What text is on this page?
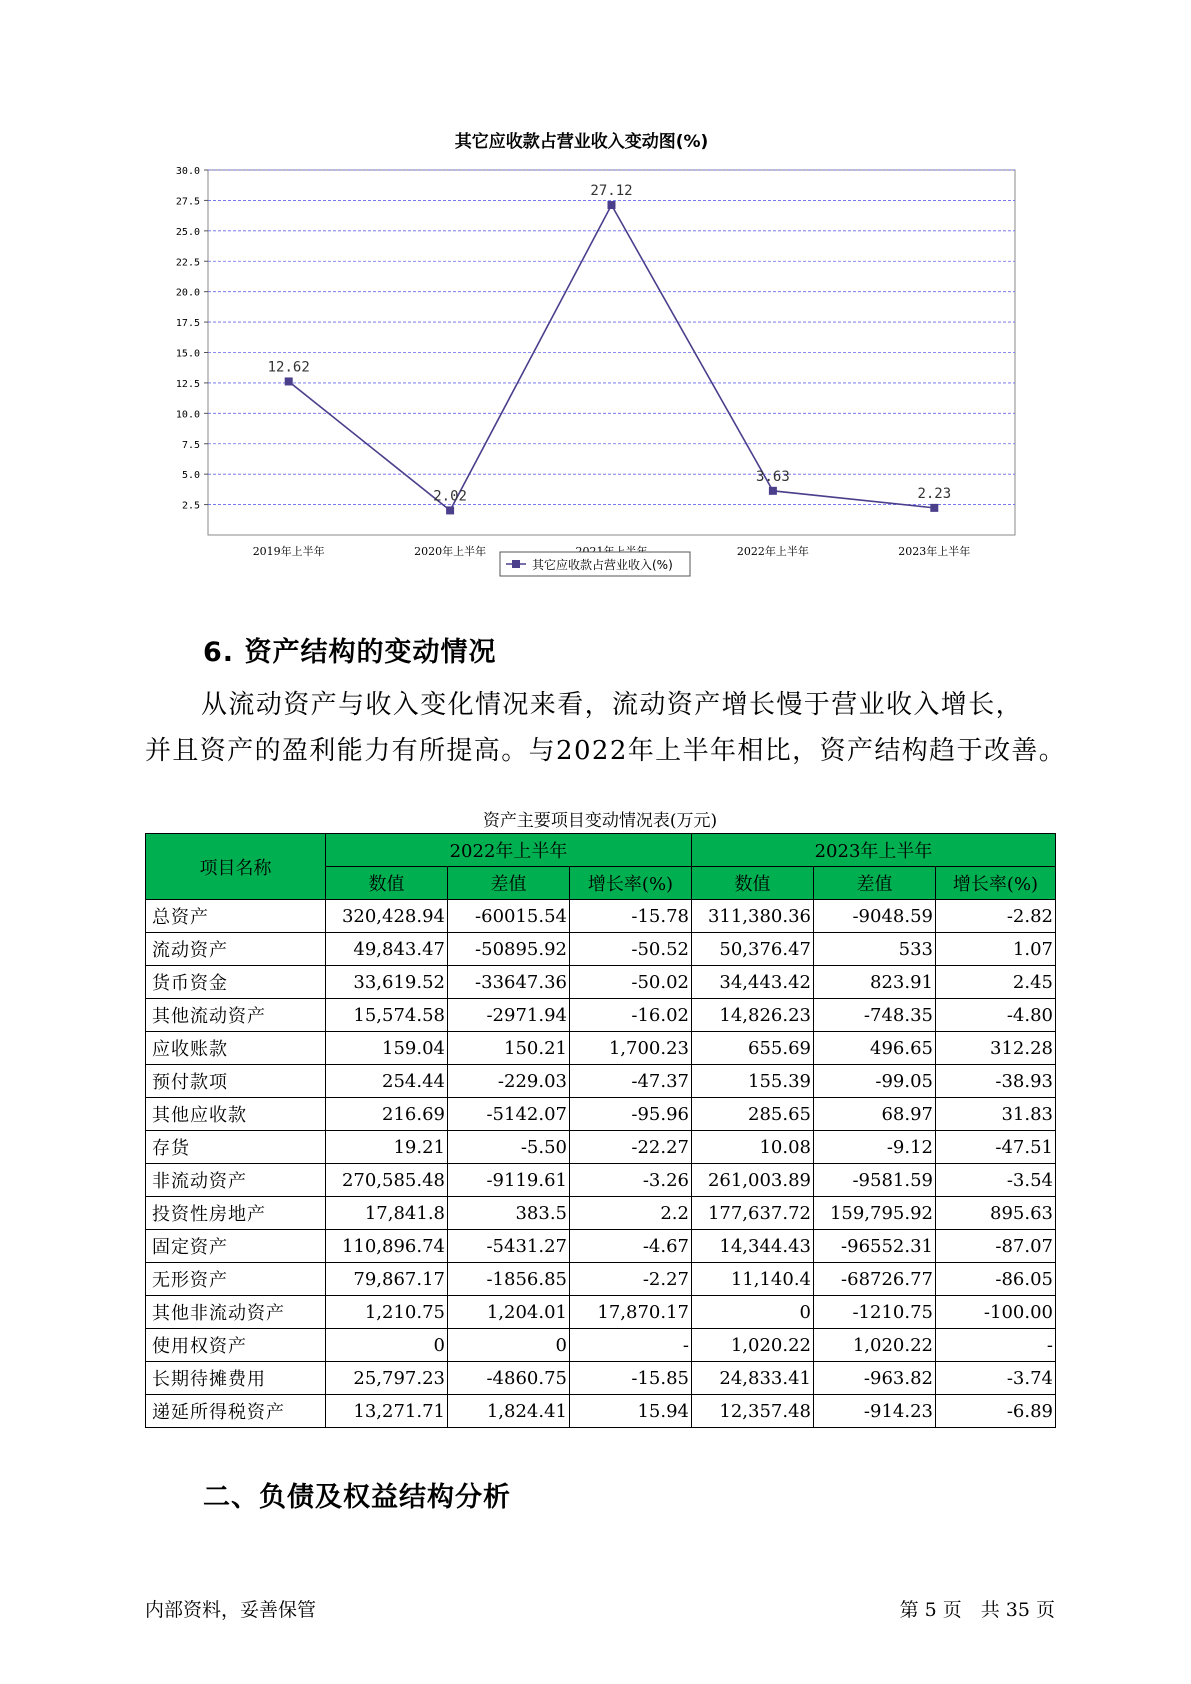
其它应收款占营业收入变动图(%)
2.5
5.0
7.5
10.0
12.5
15.0
17.5
20.0
22.5
25.0
27.5
30.0
2019年上半年	2020年上半年	2022年上半年	2023年上半年
12.62
2.02
27.12
3.63
2.23
其它应收款占营业收入(%)
6. 资产结构的变动情况
从流动资产与收入变化情况来看，流动资产增长慢于营业收入增长，
并且资产的盈利能力有所提高。与2022年上半年相比，资产结构趋于改善。
资产主要项目变动情况表(万元)
项目名称	2022年上半年			2023年上半年		
	数值	差值	增长率(%)	数值	差值	增长率(%)
总资产	320,428.94	-60015.54	-15.78	311,380.36	-9048.59	-2.82
流动资产	49,843.47	-50895.92	-50.52	50,376.47	533	1.07
货币资金	33,619.52	-33647.36	-50.02	34,443.42	823.91	2.45
其他流动资产	15,574.58	-2971.94	-16.02	14,826.23	-748.35	-4.80
应收账款	159.04	150.21	1,700.23	655.69	496.65	312.28
预付款项	254.44	-229.03	-47.37	155.39	-99.05	-38.93
其他应收款	216.69	-5142.07	-95.96	285.65	68.97	31.83
存货	19.21	-5.50	-22.27	10.08	-9.12	-47.51
非流动资产	270,585.48	-9119.61	-3.26	261,003.89	-9581.59	-3.54
投资性房地产	17,841.8	383.5	2.2	177,637.72	159,795.92	895.63
固定资产	110,896.74	-5431.27	-4.67	14,344.43	-96552.31	-87.07
无形资产	79,867.17	-1856.85	-2.27	11,140.4	-68726.77	-86.05
其他非流动资产	1,210.75	1,204.01	17,870.17	0	-1210.75	-100.00
使用权资产	0	0	-	1,020.22	1,020.22	-
长期待摊费用	25,797.23	-4860.75	-15.85	24,833.41	-963.82	-3.74
递延所得税资产	13,271.71	1,824.41	15.94	12,357.48	-914.23	-6.89
二、负债及权益结构分析
内部资料，妥善保管	第 5 页　共 35 页
